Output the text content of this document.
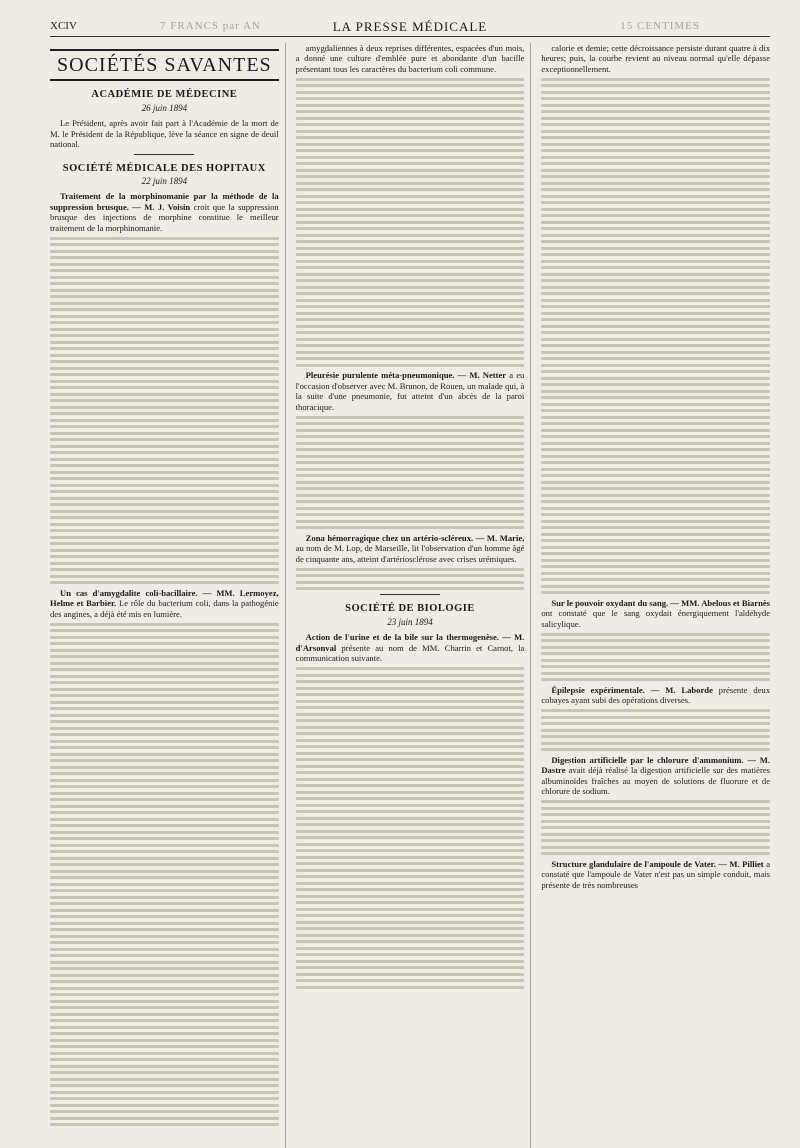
XCIV	7 FRANCS par AN	LA PRESSE MÉDICALE	15 CENTIMES
SOCIÉTÉS SAVANTES
ACADÉMIE DE MÉDECINE
26 juin 1894

Le Président, après avoir fait part à l'Académie de la mort de M. le Président de la République, lève la séance en signe de deuil national.

SOCIÉTÉ MÉDICALE DES HOPITAUX
22 juin 1894

Traitement de la morphinomanie par la méthode de la suppression brusque. — M. J. Voisin croit que la suppression brusque des injections de morphine constitue le meilleur traitement de la morphinomanie.

Un cas d'amygdalite coli-bacillaire. — MM. Lermoyez, Helme et Barbier. Le rôle du bacterium coli, dans la pathogénie des angines, a déjà été mis en lumière.

amygdaliennes à deux reprises différentes, espacées d'un mois, a donné une culture d'emblée pure et abondante d'un bacille présentant tous les caractères du bacterium coli commune.

Pleurésie purulente méta-pneumonique. — M. Netter a eu l'occasion d'observer avec M. Brunon, de Rouen, un malade qui, à la suite d'une pneumonie, fut atteint d'un abcès de la paroi thoracique.

Zona hémorragique chez un artério-scléreux. — M. Marie, au nom de M. Lop, de Marseille, lit l'observation d'un homme âgé de cinquante ans, atteint d'artériosclérose avec crises urémiques.

SOCIÉTÉ DE BIOLOGIE
23 juin 1894

Action de l'urine et de la bile sur la thermogenèse. — M. d'Arsonval présente au nom de MM. Charrin et Carnot, la communication suivante.

calorie et demie; cette décroissance persiste durant quatre à dix heures; puis, la courbe revient au niveau normal qu'elle dépasse exceptionnellement.

Sur le pouvoir oxydant du sang. — MM. Abelous et Biarnès ont constaté que le sang oxydait énergiquement l'aldéhyde salicylique.

Épilepsie expérimentale. — M. Laborde présente deux cobayes ayant subi des opérations diverses.

Digestion artificielle par le chlorure d'ammonium. — M. Dastre avait déjà réalisé la digestion artificielle sur des matières albuminoïdes fraîches au moyen de solutions de fluorure et de chlorure de sodium.

Structure glandulaire de l'ampoule de Vater. — M. Pilliet a constaté que l'ampoule de Vater n'est pas un simple conduit, mais présente de très nombreuses
